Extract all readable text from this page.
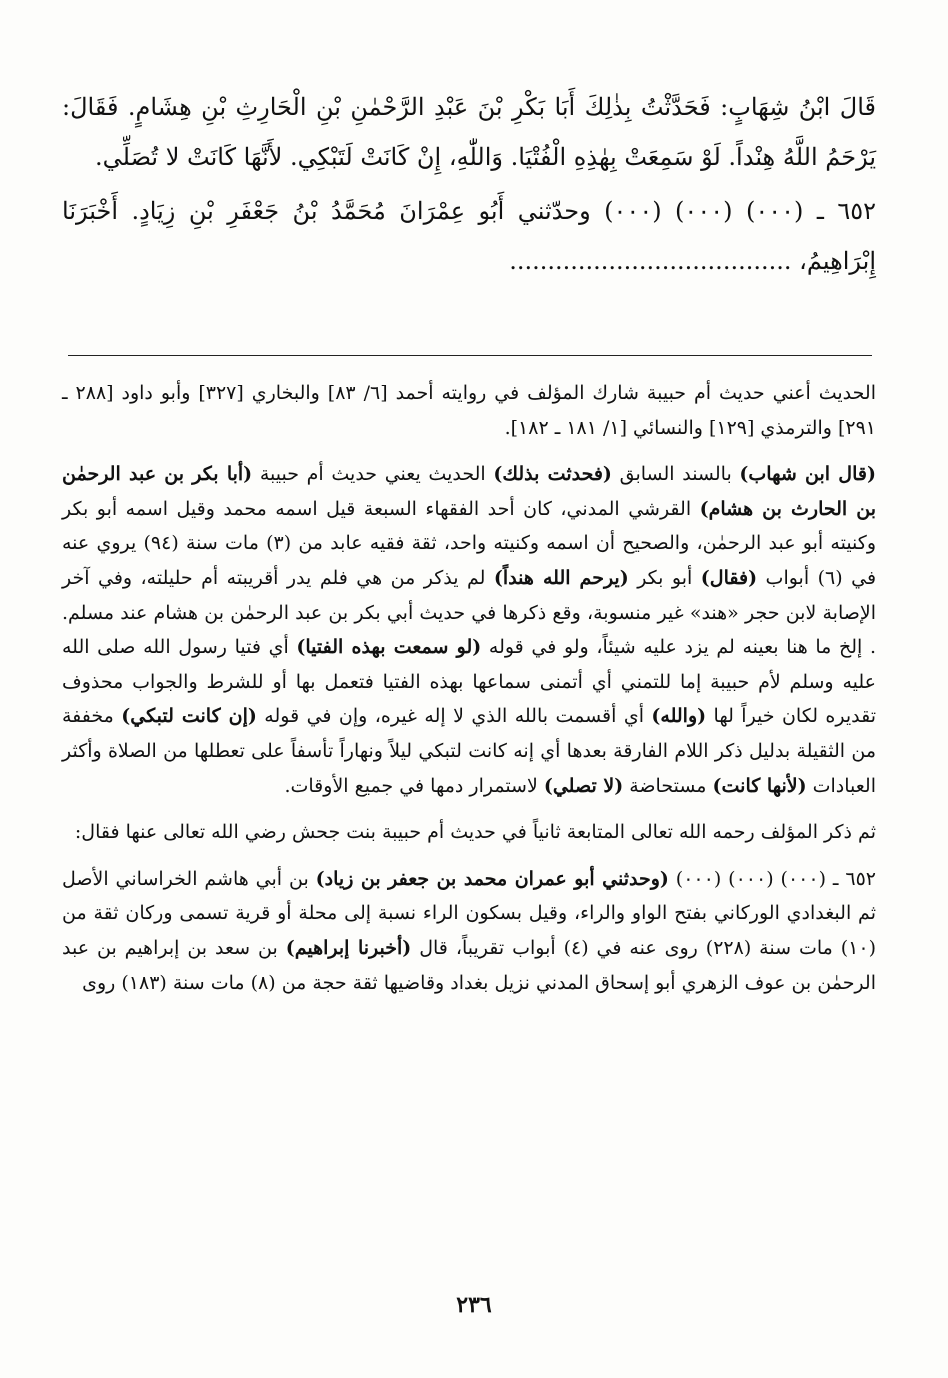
قَالَ ابْنُ شِهَابٍ: فَحَدَّثْتُ بِذٰلِكَ أَبَا بَكْرِ بْنَ عَبْدِ الرَّحْمٰنِ بْنِ الْحَارِثِ بْنِ هِشَامٍ. فَقَالَ: يَرْحَمُ اللَّهُ هِنْداً. لَوْ سَمِعَتْ بِهٰذِهِ الْفُتْيَا. وَاللّٰهِ، إِنْ كَانَتْ لَتَبْكِي. لأَنَّهَا كَانَتْ لا تُصَلِّي.

٦٥٢ ـ (٠٠٠) (٠٠٠) (٠٠٠) وحدّثني أَبُو عِمْرَانَ مُحَمَّدُ بْنُ جَعْفَرِ بْنِ زِيَادٍ. أَخْبَرَنَا إِبْرَاهِيمُ، .....................................

الحديث أعني حديث أم حبيبة شارك المؤلف في روايته أحمد [٦/ ٨٣] والبخاري [٣٢٧] وأبو داود [٢٨٨ ـ ٢٩١] والترمذي [١٢٩] والنسائي [١/ ١٨١ ـ ١٨٢].

(قال ابن شهاب) بالسند السابق (فحدثت بذلك) الحديث يعني حديث أم حبيبة (أبا بكر بن عبد الرحمٰن بن الحارث بن هشام) القرشي المدني، كان أحد الفقهاء السبعة قيل اسمه محمد وقيل اسمه أبو بكر وكنيته أبو عبد الرحمٰن، والصحيح أن اسمه وكنيته واحد، ثقة فقيه عابد من (٣) مات سنة (٩٤) يروي عنه في (٦) أبواب (فقال) أبو بكر (يرحم الله هنداً) لم يذكر من هي فلم يدر أقريبته أم حليلته، وفي آخر الإصابة لابن حجر «هند» غير منسوبة، وقع ذكرها في حديث أبي بكر بن عبد الرحمٰن بن هشام عند مسلم. . إلخ ما هنا بعينه لم يزد عليه شيئاً، ولو في قوله (لو سمعت بهذه الفتيا) أي فتيا رسول الله صلى الله عليه وسلم لأم حبيبة إما للتمني أي أتمنى سماعها بهذه الفتيا فتعمل بها أو للشرط والجواب محذوف تقديره لكان خيراً لها (والله) أي أقسمت بالله الذي لا إله غيره، وإن في قوله (إن كانت لتبكي) مخففة من الثقيلة بدليل ذكر اللام الفارقة بعدها أي إنه كانت لتبكي ليلاً ونهاراً تأسفاً على تعطلها من الصلاة وأكثر العبادات (لأنها كانت) مستحاضة (لا تصلي) لاستمرار دمها في جميع الأوقات.

ثم ذكر المؤلف رحمه الله تعالى المتابعة ثانياً في حديث أم حبيبة بنت جحش رضي الله تعالى عنها فقال:

٦٥٢ ـ (٠٠٠) (٠٠٠) (٠٠٠) (وحدثني أبو عمران محمد بن جعفر بن زياد) بن أبي هاشم الخراساني الأصل ثم البغدادي الوركاني بفتح الواو والراء، وقيل بسكون الراء نسبة إلى محلة أو قرية تسمى وركان ثقة من (١٠) مات سنة (٢٢٨) روى عنه في (٤) أبواب تقريباً، قال (أخبرنا إبراهيم) بن سعد بن إبراهيم بن عبد الرحمٰن بن عوف الزهري أبو إسحاق المدني نزيل بغداد وقاضيها ثقة حجة من (٨) مات سنة (١٨٣) روى

٢٣٦
